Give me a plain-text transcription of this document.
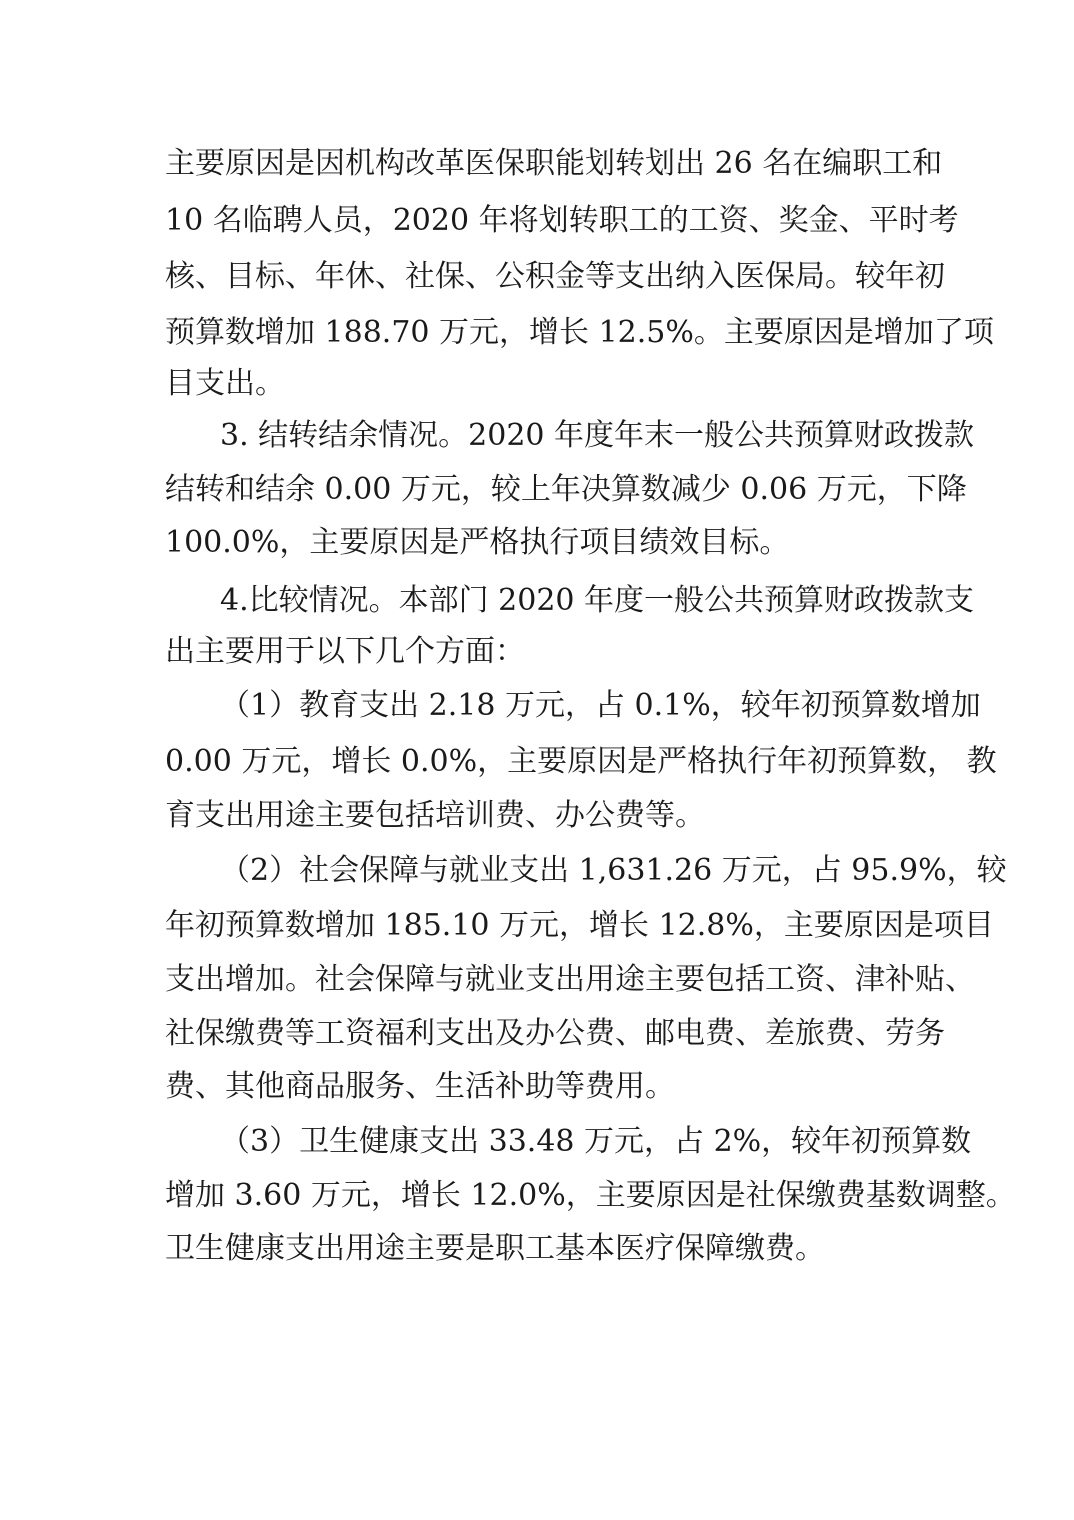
主要原因是因机构改革医保职能划转划出 26 名在编职工和
10 名临聘人员，2020 年将划转职工的工资、奖金、平时考
核、目标、年休、社保、公积金等支出纳入医保局。较年初
预算数增加 188.70 万元，增长 12.5%。主要原因是增加了项
目支出。
3. 结转结余情况。2020 年度年末一般公共预算财政拨款
结转和结余 0.00 万元，较上年决算数减少 0.06 万元，下降
100.0%，主要原因是严格执行项目绩效目标。
4.比较情况。本部门 2020 年度一般公共预算财政拨款支
出主要用于以下几个方面：
（1）教育支出 2.18 万元，占 0.1%，较年初预算数增加
0.00 万元，增长 0.0%，主要原因是严格执行年初预算数， 教
育支出用途主要包括培训费、办公费等。
（2）社会保障与就业支出 1,631.26 万元，占 95.9%，较
年初预算数增加 185.10 万元，增长 12.8%，主要原因是项目
支出增加。社会保障与就业支出用途主要包括工资、津补贴、
社保缴费等工资福利支出及办公费、邮电费、差旅费、劳务
费、其他商品服务、生活补助等费用。
（3）卫生健康支出 33.48 万元，占 2%，较年初预算数
增加 3.60 万元，增长 12.0%，主要原因是社保缴费基数调整。
卫生健康支出用途主要是职工基本医疗保障缴费。
